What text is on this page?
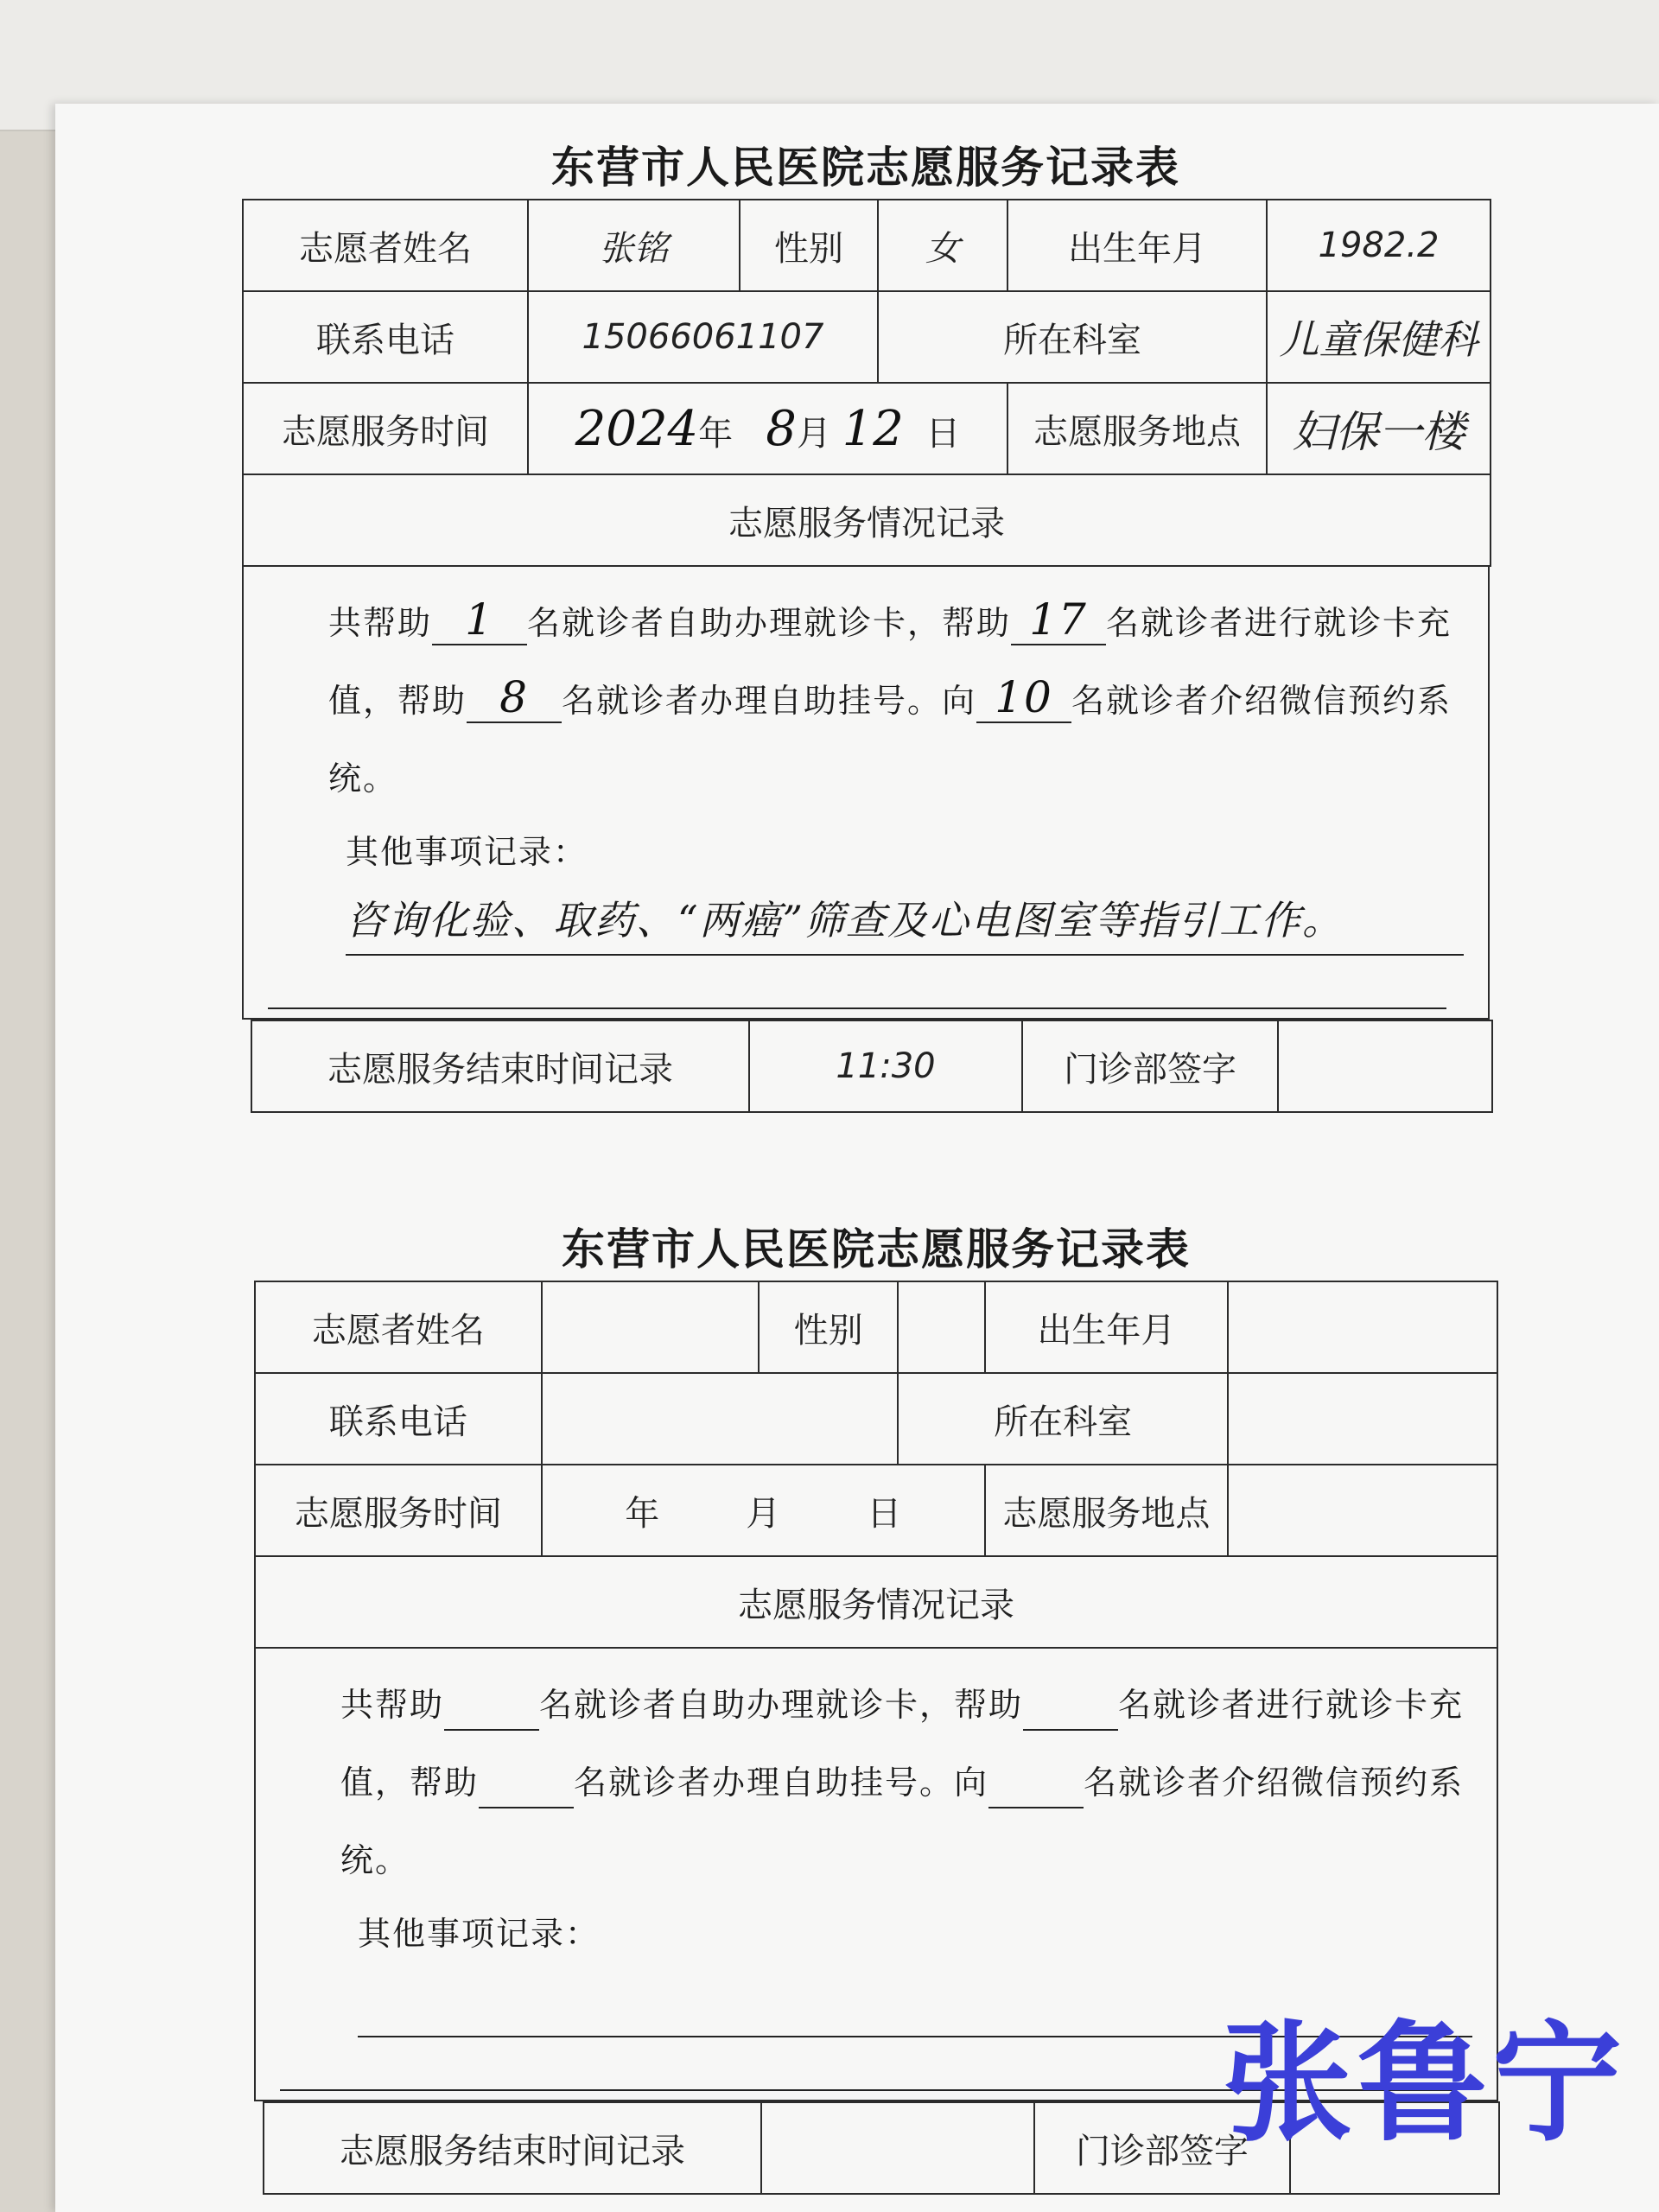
东营市人民医院志愿服务记录表
志愿者姓名	张铭	性别	女	出生年月	1982.2
联系电话	15066061107		所在科室		儿童保健科
志愿服务时间	2024年 8月 12 日			志愿服务地点	妇保一楼
志愿服务情况记录					
共帮助 1 名就诊者自助办理就诊卡，帮助 17 名就诊者进行就诊卡充值，帮助 8 名就诊者办理自助挂号。向 10 名就诊者介绍微信预约系统。
其他事项记录：
咨询化验、取药、“两癌”筛查及心电图室等指引工作。
志愿服务结束时间记录	11:30	门诊部签字	
东营市人民医院志愿服务记录表
志愿者姓名		性别		出生年月	
联系电话			所在科室		
志愿服务时间	年 月 日			志愿服务地点	
志愿服务情况记录					
共帮助	名就诊者自助办理就诊卡，帮助	名就诊者进行就诊卡充值，帮助	名就诊者办理自助挂号。向	名就诊者介绍微信预约系统。
其他事项记录：
志愿服务结束时间记录		门诊部签字	
张鲁宁
